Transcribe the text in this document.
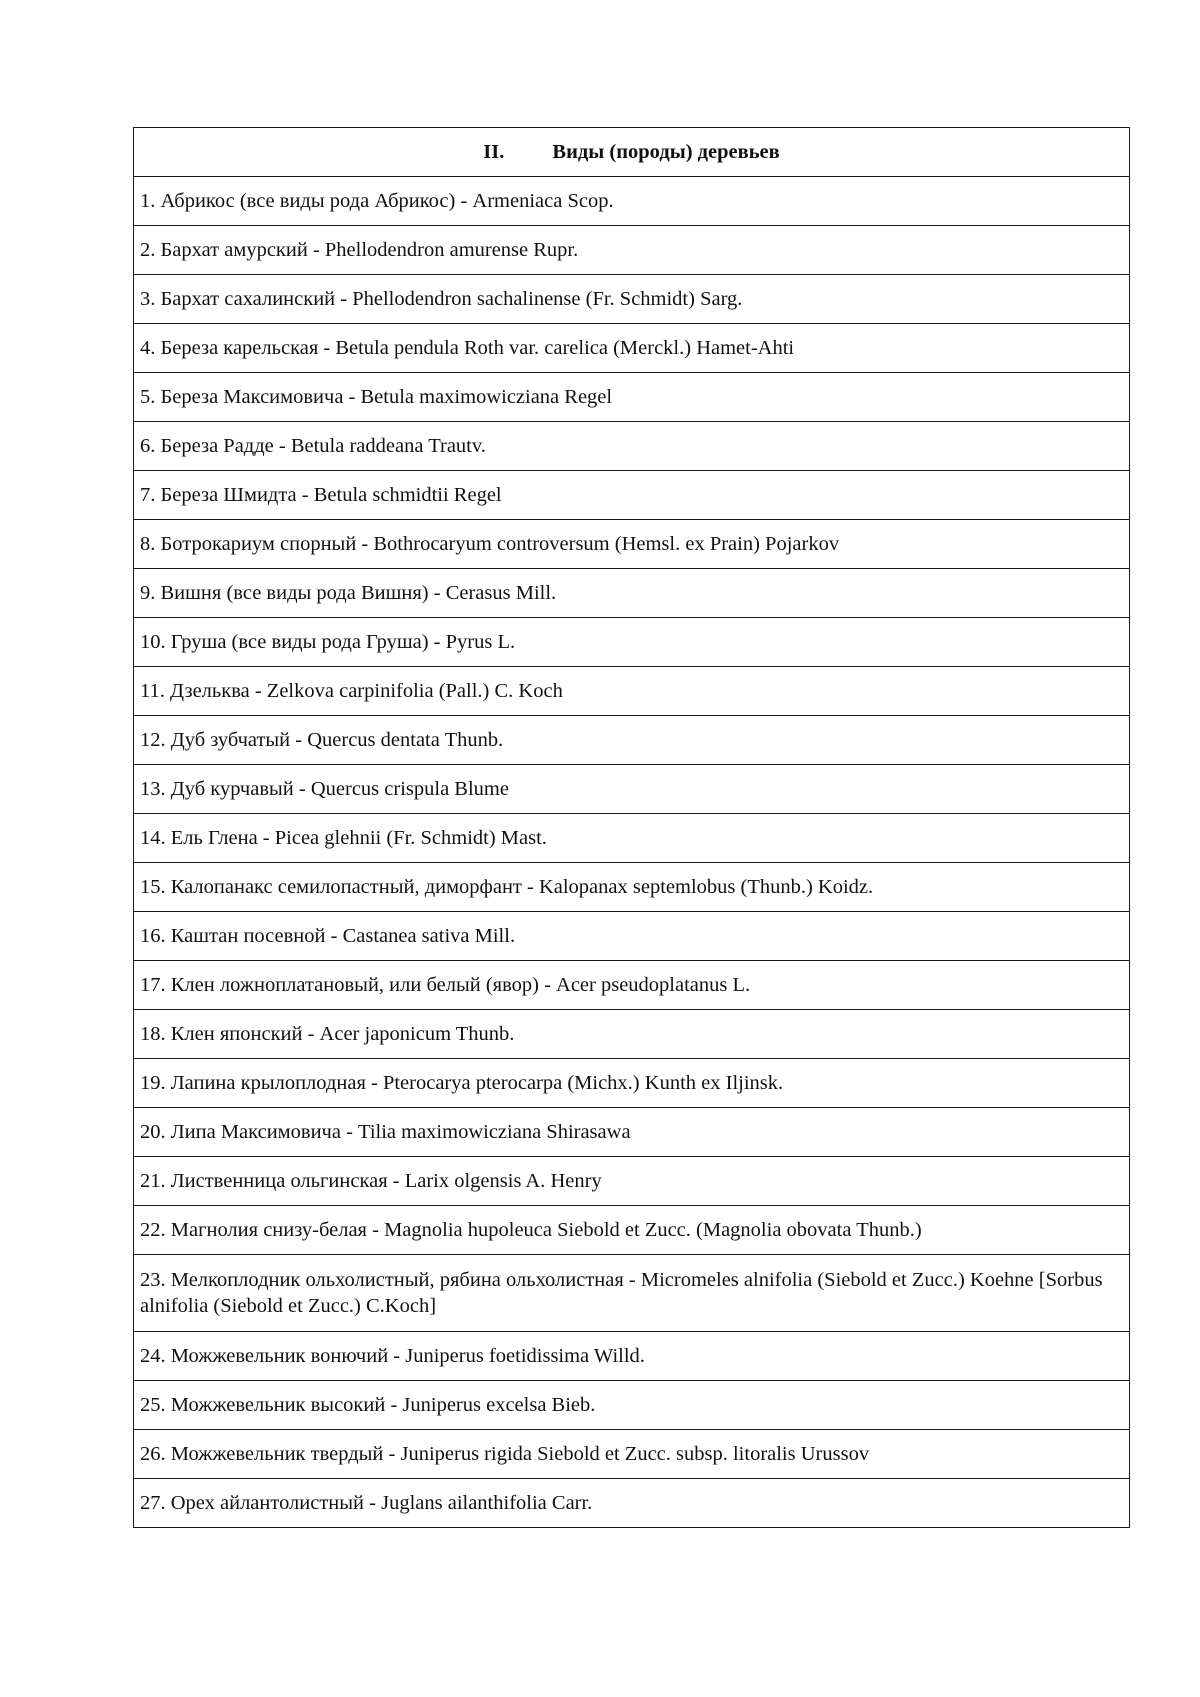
II. Виды (породы) деревьев
1. Абрикос (все виды рода Абрикос) - Armeniaca Scop.
2. Бархат амурский - Phellodendron amurense Rupr.
3. Бархат сахалинский - Phellodendron sachalinense (Fr. Schmidt) Sarg.
4. Береза карельская - Betula pendula Roth var. carelica (Merckl.) Hamet-Ahti
5. Береза Максимовича - Betula maximowicziana Regel
6. Береза Радде - Betula raddeana Trautv.
7. Береза Шмидта - Betula schmidtii Regel
8. Ботрокариум спорный - Bothrocaryum controversum (Hemsl. ex Prain) Pojarkov
9. Вишня (все виды рода Вишня) - Cerasus Mill.
10. Груша (все виды рода Груша) - Pyrus L.
11. Дзельква - Zelkova carpinifolia (Pall.) C. Koch
12. Дуб зубчатый - Quercus dentata Thunb.
13. Дуб курчавый - Quercus crispula Blume
14. Ель Глена - Picea glehnii (Fr. Schmidt) Mast.
15. Калопанакс семилопастный, диморфант - Kalopanax septemlobus (Thunb.) Koidz.
16. Каштан посевной - Castanea sativa Mill.
17. Клен ложноплатановый, или белый (явор) - Acer pseudoplatanus L.
18. Клен японский - Acer japonicum Thunb.
19. Лапина крылоплодная - Pterocarya pterocarpa (Michx.) Kunth ex Iljinsk.
20. Липа Максимовича - Tilia maximowicziana Shirasawa
21. Лиственница ольгинская - Larix olgensis A. Henry
22. Магнолия снизу-белая - Magnolia hupoleuca Siebold et Zucc. (Magnolia obovata Thunb.)
23. Мелкоплодник ольхолистный, рябина ольхолистная - Micromeles alnifolia (Siebold et Zucc.) Koehne [Sorbus alnifolia (Siebold et Zucc.) C.Koch]
24. Можжевельник вонючий - Juniperus foetidissima Willd.
25. Можжевельник высокий - Juniperus excelsa Bieb.
26. Можжевельник твердый - Juniperus rigida Siebold et Zucc. subsp. litoralis Urussov
27. Орех айлантолистный - Juglans ailanthifolia Carr.
